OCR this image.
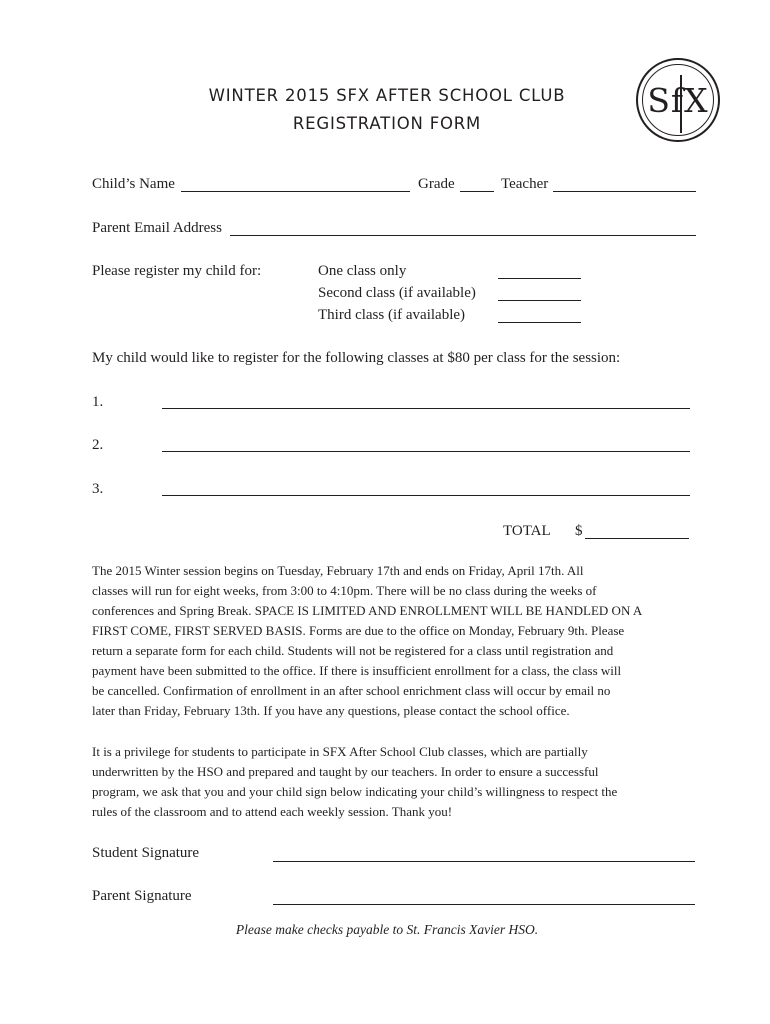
WINTER 2015 SFX AFTER SCHOOL CLUB
REGISTRATION FORM
SfX
Child’s Name	Grade	Teacher
Parent Email Address
Please register my child for:	One class only
Second class (if available)
Third class (if available)
My child would like to register for the following classes at $80 per class for the session:
1.
2.
3.
TOTAL $
The 2015 Winter session begins on Tuesday, February 17th and ends on Friday, April 17th. All
classes will run for eight weeks, from 3:00 to 4:10pm. There will be no class during the weeks of
conferences and Spring Break. SPACE IS LIMITED AND ENROLLMENT WILL BE HANDLED ON A
FIRST COME, FIRST SERVED BASIS. Forms are due to the office on Monday, February 9th. Please
return a separate form for each child. Students will not be registered for a class until registration and
payment have been submitted to the office. If there is insufficient enrollment for a class, the class will
be cancelled. Confirmation of enrollment in an after school enrichment class will occur by email no
later than Friday, February 13th. If you have any questions, please contact the school office.
It is a privilege for students to participate in SFX After School Club classes, which are partially
underwritten by the HSO and prepared and taught by our teachers. In order to ensure a successful
program, we ask that you and your child sign below indicating your child’s willingness to respect the
rules of the classroom and to attend each weekly session. Thank you!
Student Signature
Parent Signature
Please make checks payable to St. Francis Xavier HSO.
